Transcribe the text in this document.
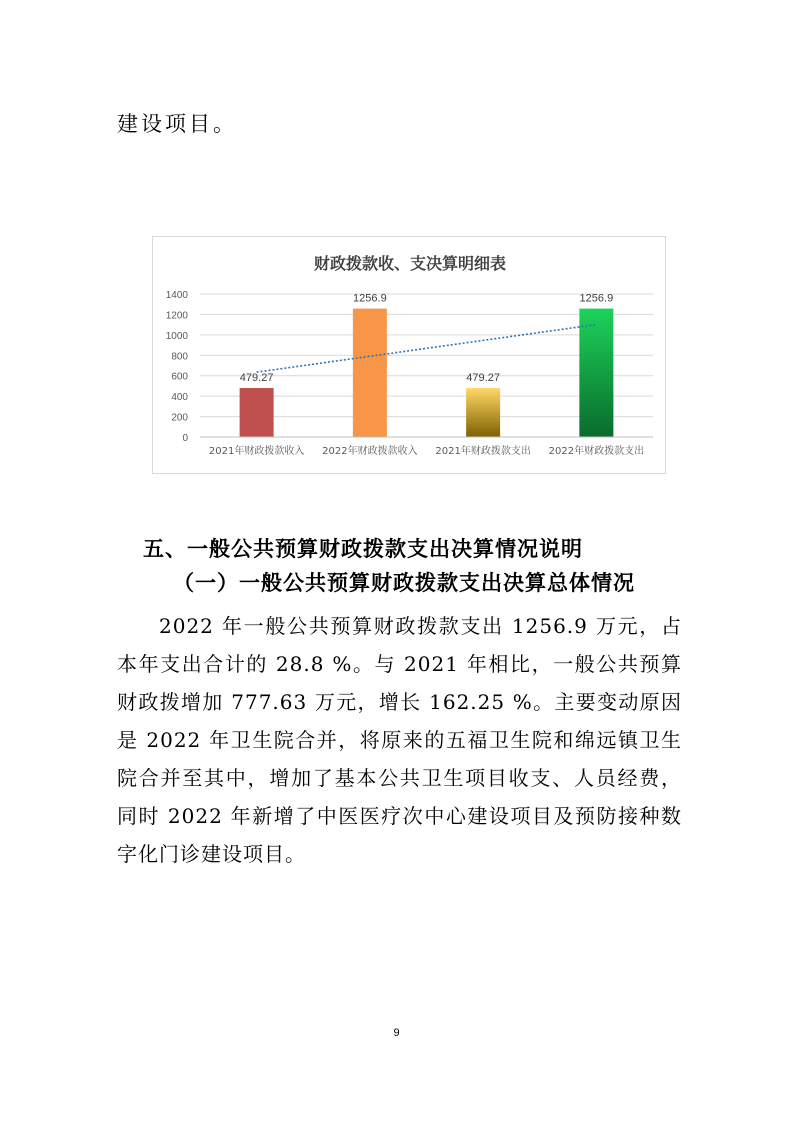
建设项目。
财政拨款收、支决算明细表
0
200
400
600
800
1000
1200
1400
479.27
2021年财政拨款收入
1256.9
2022年财政拨款收入
479.27
2021年财政拨款支出
1256.9
2022年财政拨款支出
五、一般公共预算财政拨款支出决算情况说明
（一）一般公共预算财政拨款支出决算总体情况
2022 年一般公共预算财政拨款支出 1256.9 万元，占本年支出合计的 28.8 %。与 2021 年相比，一般公共预算财政拨增加 777.63 万元，增长 162.25 %。主要变动原因是 2022 年卫生院合并，将原来的五福卫生院和绵远镇卫生院合并至其中，增加了基本公共卫生项目收支、人员经费，同时 2022 年新增了中医医疗次中心建设项目及预防接种数字化门诊建设项目。
9
